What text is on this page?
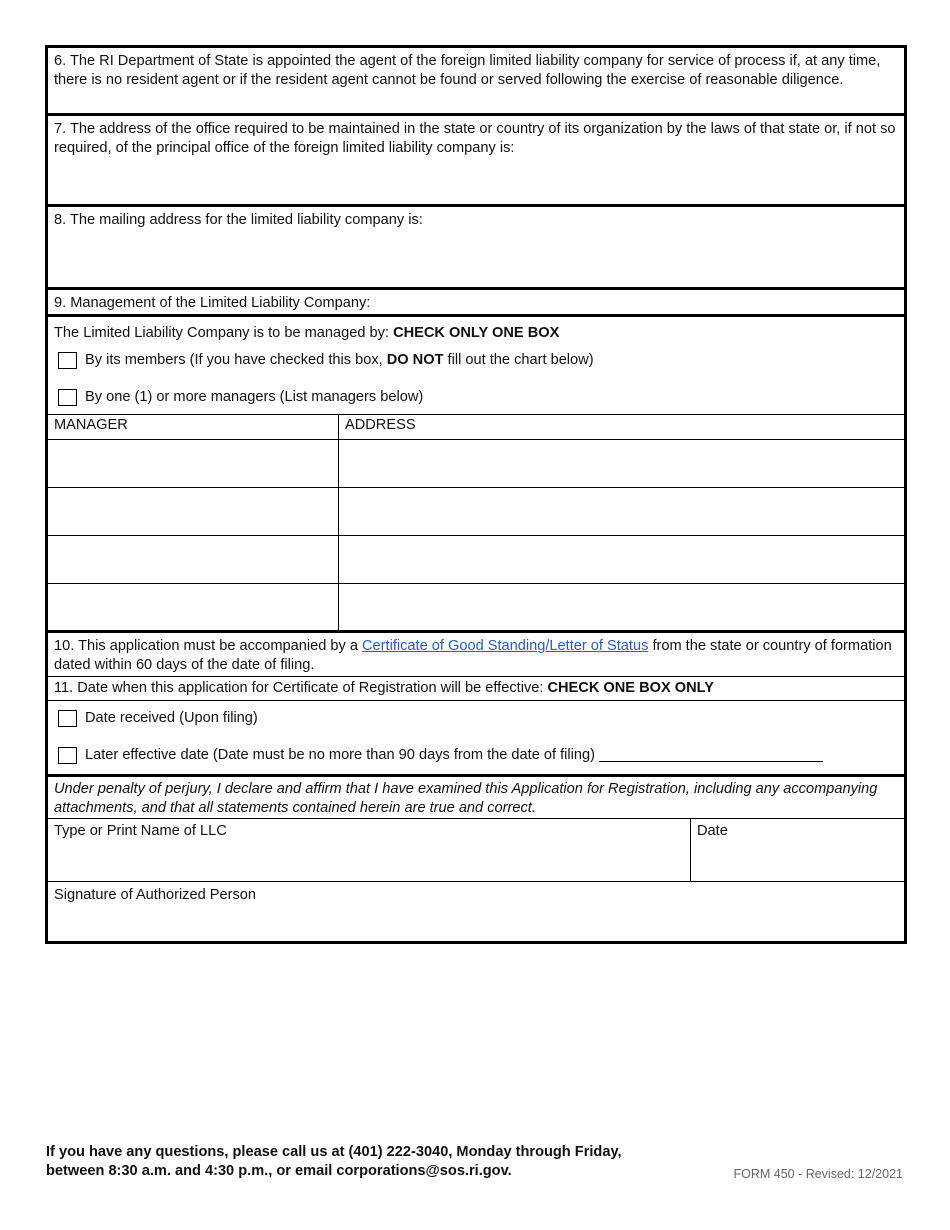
6. The RI Department of State is appointed the agent of the foreign limited liability company for service of process if, at any time, there is no resident agent or if the resident agent cannot be found or served following the exercise of reasonable diligence.
7. The address of the office required to be maintained in the state or country of its organization by the laws of that state or, if not so required, of the principal office of the foreign limited liability company is:
8. The mailing address for the limited liability company is:
9. Management of the Limited Liability Company:
The Limited Liability Company is to be managed by: CHECK ONLY ONE BOX
By its members (If you have checked this box, DO NOT fill out the chart below)
By one (1) or more managers (List managers below)
MANAGER	ADDRESS
10. This application must be accompanied by a Certificate of Good Standing/Letter of Status from the state or country of formation dated within 60 days of the date of filing.
11. Date when this application for Certificate of Registration will be effective: CHECK ONE BOX ONLY
Date received (Upon filing)
Later effective date (Date must be no more than 90 days from the date of filing)
Under penalty of perjury, I declare and affirm that I have examined this Application for Registration, including any accompanying attachments, and that all statements contained herein are true and correct.
Type or Print Name of LLC	Date
Signature of Authorized Person
If you have any questions, please call us at (401) 222-3040, Monday through Friday,
between 8:30 a.m. and 4:30 p.m., or email corporations@sos.ri.gov.	FORM 450 - Revised: 12/2021
